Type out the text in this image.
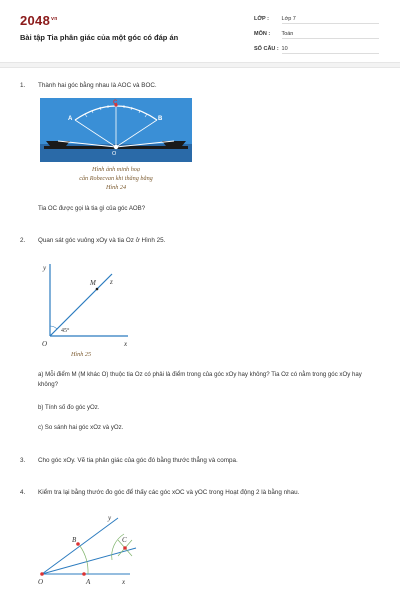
$2048^{vn}$
Bài tập Tia phân giác của một góc có đáp án
LỚP : Lớp 7
MÔN : Toán
SỐ CÂU : 10
1. Thành hai góc bằng nhau là AOC và BOC.
A	B
C
O
Hình ảnh minh hoạ
cân Robecvan khi thăng bằng
Hình 24
Tia OC được gọi là tia gì của góc AOB?
2. Quan sát góc vuông xOy và tia Oz ở Hình 25.
y
M z
45°
O	x
Hình 25
a) Mỗi điểm M (M khác O) thuộc tia Oz có phải là điểm trong của góc xOy hay không? Tia Oz có nằm trong góc xOy hay không?
b) Tính số đo góc yOz.
c) So sánh hai góc xOz và yOz.
3. Cho góc xOy. Vẽ tia phân giác của góc đó bằng thước thẳng và compa.
4. Kiểm tra lại bằng thước đo góc để thấy các góc xOC và yOC trong Hoạt động 2 là bằng nhau.
y
B	C
O	A	x
